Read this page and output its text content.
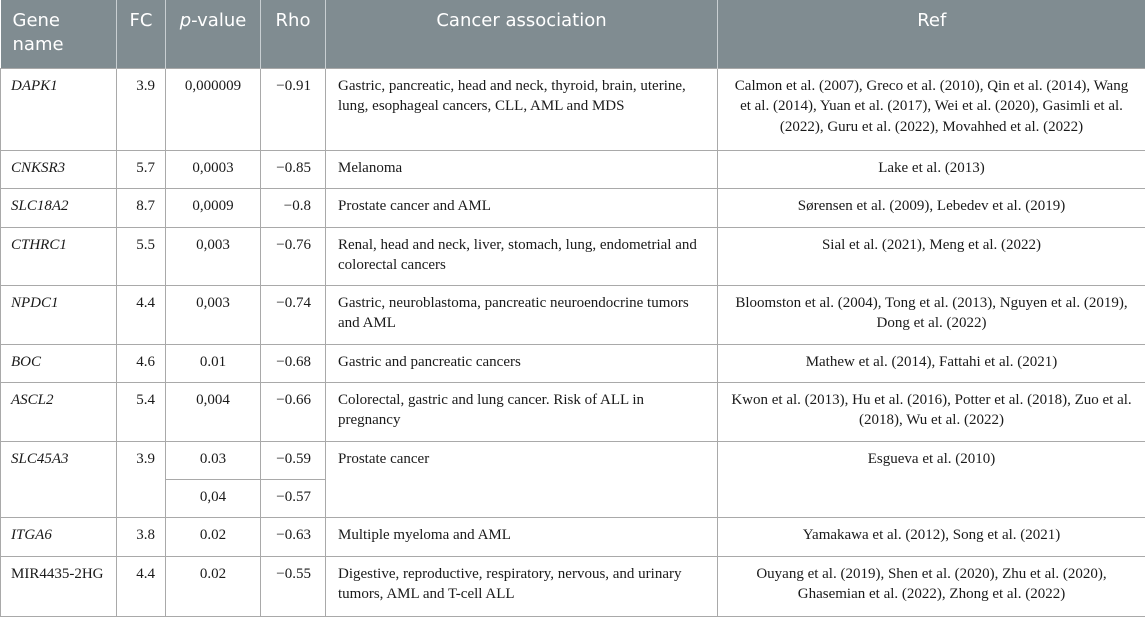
Gene name	FC	p-value	Rho	Cancer association	Ref
DAPK1	3.9	0,000009	−0.91	Gastric, pancreatic, head and neck, thyroid, brain, uterine, lung, esophageal cancers, CLL, AML and MDS	Calmon et al. (2007), Greco et al. (2010), Qin et al. (2014), Wang et al. (2014), Yuan et al. (2017), Wei et al. (2020), Gasimli et al. (2022), Guru et al. (2022), Movahhed et al. (2022)
CNKSR3	5.7	0,0003	−0.85	Melanoma	Lake et al. (2013)
SLC18A2	8.7	0,0009	−0.8	Prostate cancer and AML	Sørensen et al. (2009), Lebedev et al. (2019)
CTHRC1	5.5	0,003	−0.76	Renal, head and neck, liver, stomach, lung, endometrial and colorectal cancers	Sial et al. (2021), Meng et al. (2022)
NPDC1	4.4	0,003	−0.74	Gastric, neuroblastoma, pancreatic neuroendocrine tumors and AML	Bloomston et al. (2004), Tong et al. (2013), Nguyen et al. (2019), Dong et al. (2022)
BOC	4.6	0.01	−0.68	Gastric and pancreatic cancers	Mathew et al. (2014), Fattahi et al. (2021)
ASCL2	5.4	0,004	−0.66	Colorectal, gastric and lung cancer. Risk of ALL in pregnancy	Kwon et al. (2013), Hu et al. (2016), Potter et al. (2018), Zuo et al. (2018), Wu et al. (2022)
SLC45A3	3.9	0.03	−0.59	Prostate cancer	Esgueva et al. (2010)
		0,04	−0.57		
ITGA6	3.8	0.02	−0.63	Multiple myeloma and AML	Yamakawa et al. (2012), Song et al. (2021)
MIR4435-2HG	4.4	0.02	−0.55	Digestive, reproductive, respiratory, nervous, and urinary tumors, AML and T-cell ALL	Ouyang et al. (2019), Shen et al. (2020), Zhu et al. (2020), Ghasemian et al. (2022), Zhong et al. (2022)
